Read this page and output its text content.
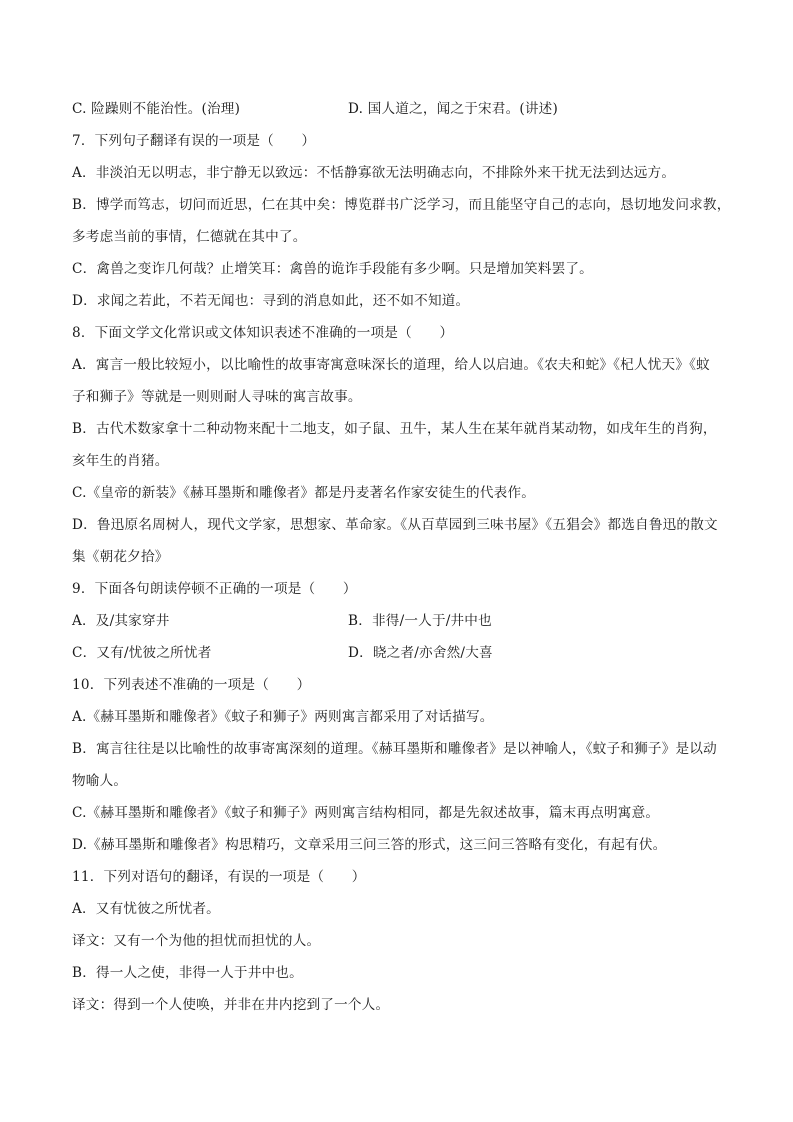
C. 险躁则不能治性。(治理)	D. 国人道之，闻之于宋君。(讲述)
7．下列句子翻译有误的一项是（　　）
A．非淡泊无以明志，非宁静无以致远：不恬静寡欲无法明确志向，不排除外来干扰无法到达远方。
B．博学而笃志，切问而近思，仁在其中矣：博览群书广泛学习，而且能坚守自己的志向，恳切地发问求教，
多考虑当前的事情，仁德就在其中了。
C．禽兽之变诈几何哉？止增笑耳：禽兽的诡诈手段能有多少啊。只是增加笑料罢了。
D．求闻之若此，不若无闻也：寻到的消息如此，还不如不知道。
8．下面文学文化常识或文体知识表述不准确的一项是（　　）
A．寓言一般比较短小，以比喻性的故事寄寓意味深长的道理，给人以启迪。《农夫和蛇》《杞人忧天》《蚊
子和狮子》等就是一则则耐人寻味的寓言故事。
B．古代术数家拿十二种动物来配十二地支，如子鼠、丑牛，某人生在某年就肖某动物，如戌年生的肖狗，
亥年生的肖猪。
C.《皇帝的新装》《赫耳墨斯和雕像者》都是丹麦著名作家安徒生的代表作。
D．鲁迅原名周树人，现代文学家，思想家、革命家。《从百草园到三味书屋》《五猖会》都选自鲁迅的散文
集《朝花夕拾》
9．下面各句朗读停顿不正确的一项是（　　）
A．及/其家穿井	B．非得/一人于/井中也
C．又有/忧彼之所忧者	D．晓之者/亦舍然/大喜
10．下列表述不准确的一项是（　　）
A.《赫耳墨斯和雕像者》《蚊子和狮子》两则寓言都采用了对话描写。
B．寓言往往是以比喻性的故事寄寓深刻的道理。《赫耳墨斯和雕像者》是以神喻人，《蚊子和狮子》是以动
物喻人。
C.《赫耳墨斯和雕像者》《蚊子和狮子》两则寓言结构相同，都是先叙述故事，篇末再点明寓意。
D.《赫耳墨斯和雕像者》构思精巧，文章采用三问三答的形式，这三问三答略有变化，有起有伏。
11．下列对语句的翻译，有误的一项是（　　）
A．又有忧彼之所忧者。
译文：又有一个为他的担忧而担忧的人。
B．得一人之使，非得一人于井中也。
译文：得到一个人使唤，并非在井内挖到了一个人。
